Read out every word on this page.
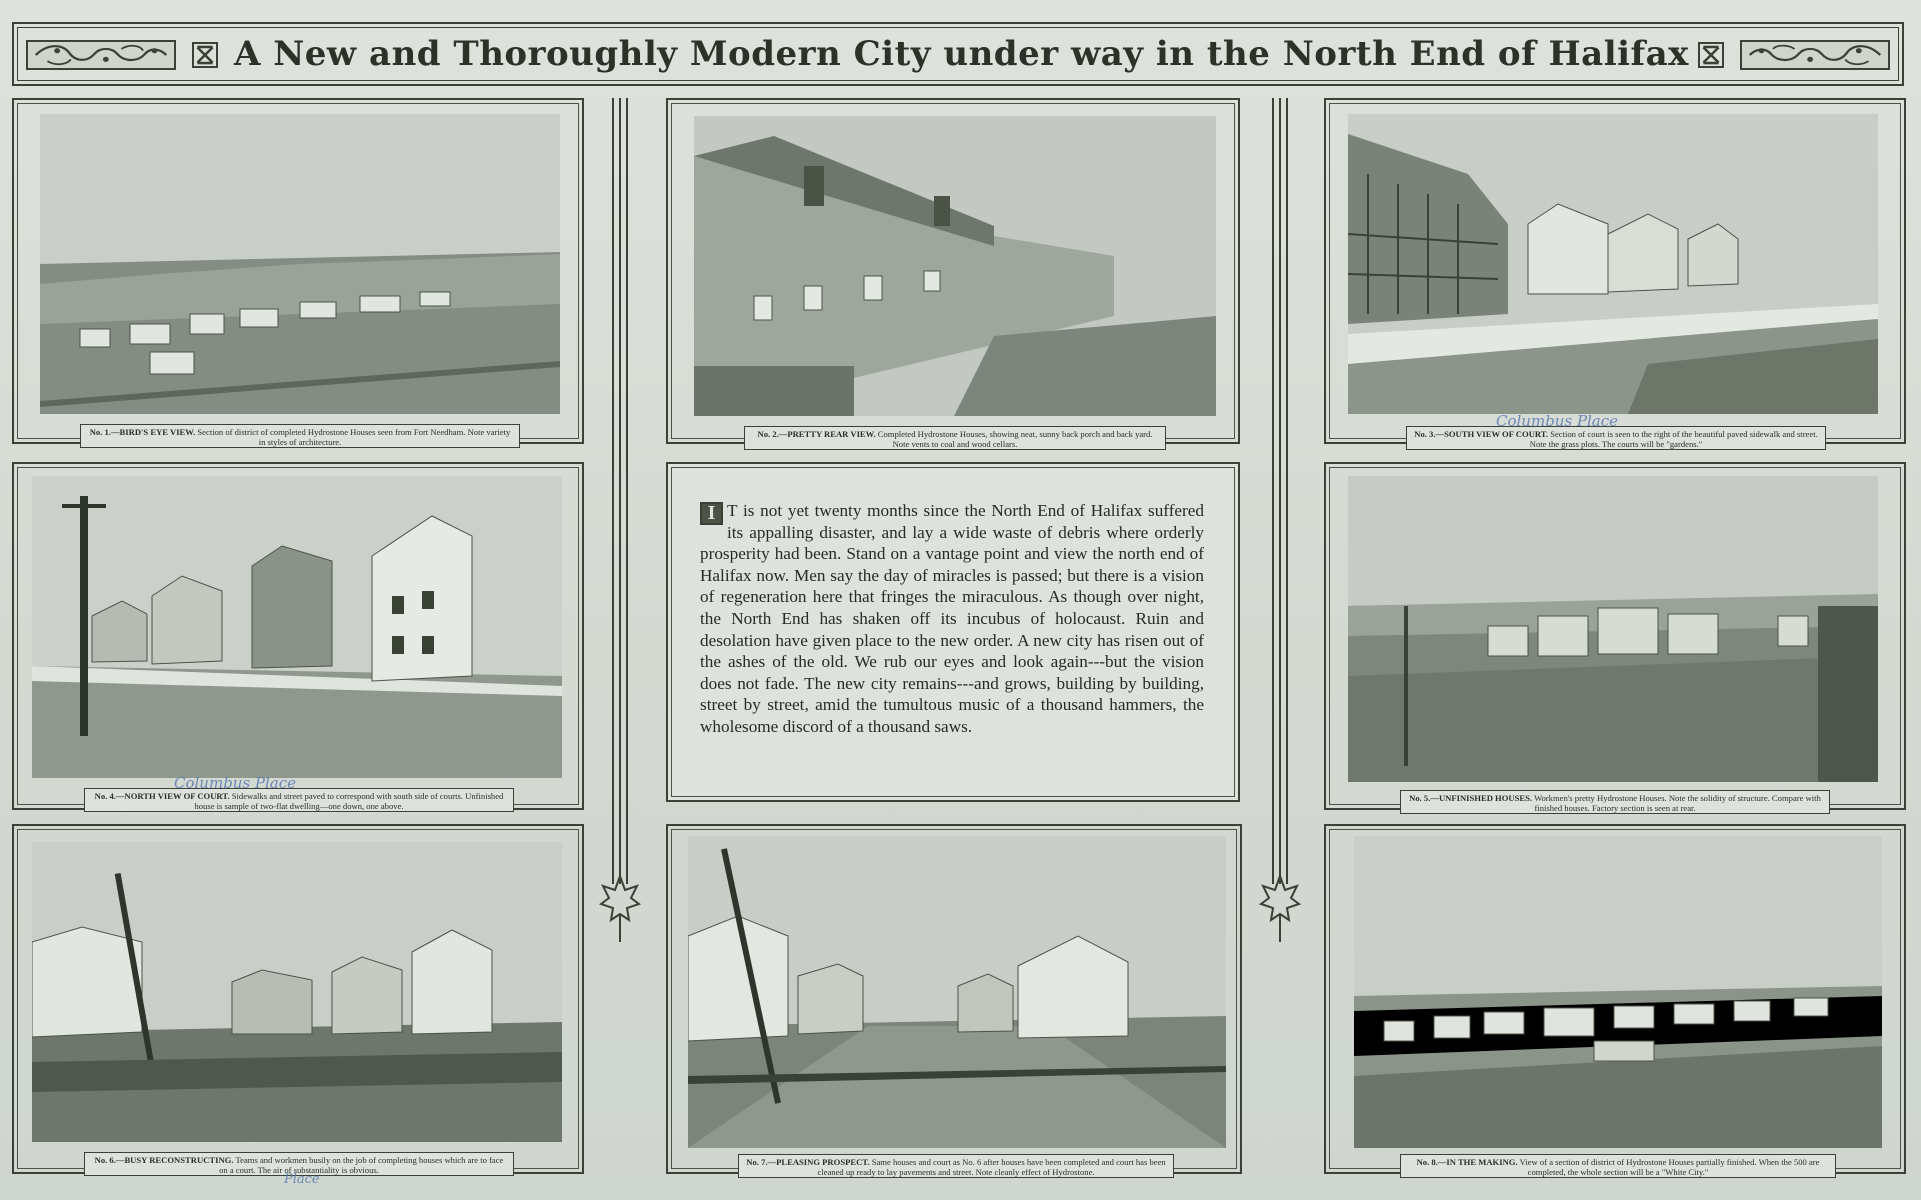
A New and Thoroughly Modern City under way in the North End of Halifax
No. 1.—BIRD'S EYE VIEW. Section of district of completed Hydrostone Houses seen from Fort Needham. Note variety in styles of architecture.
No. 2.—PRETTY REAR VIEW. Completed Hydrostone Houses, showing neat, sunny back porch and back yard. Note vents to coal and wood cellars.
No. 3.—SOUTH VIEW OF COURT. Section of court is seen to the right of the beautiful paved sidewalk and street. Note the grass plots. The courts will be "gardens."
Columbus Place
No. 4.—NORTH VIEW OF COURT. Sidewalks and street paved to correspond with south side of courts. Unfinished house is sample of two-flat dwelling—one down, one above.
Columbus Place
I T is not yet twenty months since the North End of Halifax suffered its appalling disaster, and lay a wide waste of debris where orderly prosperity had been. Stand on a vantage point and view the north end of Halifax now. Men say the day of miracles is passed; but there is a vision of regeneration here that fringes the miraculous. As though over night, the North End has shaken off its incubus of holocaust. Ruin and desolation have given place to the new order. A new city has risen out of the ashes of the old. We rub our eyes and look again---but the vision does not fade. The new city remains---and grows, building by building, street by street, amid the tumultous music of a thousand hammers, the wholesome discord of a thousand saws.
No. 5.—UNFINISHED HOUSES. Workmen's pretty Hydrostone Houses. Note the solidity of structure. Compare with finished houses. Factory section is seen at rear.
No. 6.—BUSY RECONSTRUCTING. Teams and workmen busily on the job of completing houses which are to face on a court. The air of substantiality is obvious.
Place
No. 7.—PLEASING PROSPECT. Same houses and court as No. 6 after houses have been completed and court has been cleaned up ready to lay pavements and street. Note cleanly effect of Hydrostone.
No. 8.—IN THE MAKING. View of a section of district of Hydrostone Houses partially finished. When the 500 are completed, the whole section will be a "White City."
